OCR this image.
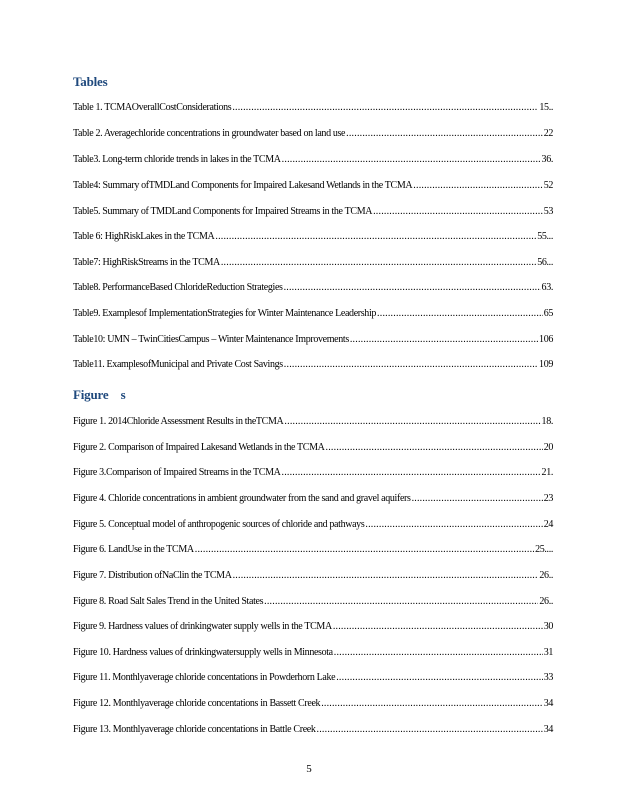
Tables
Table 1. TCMAOverallCostConsiderations .....	15..
Table 2. Averagechloride concentrations in groundwater based on land use .....	22
Table3. Long-term chloride trends in lakes in the TCMA .....	36.
Table4: Summary ofTMDLand Components for Impaired Lakesand Wetlands in the TCMA .....	52
Table5. Summary of TMDLand Components for Impaired Streams in the TCMA .....	53
Table 6: HighRiskLakes in the TCMA .....	55...
Table7: HighRiskStreams in the TCMA .....	56...
Table8. PerformanceBased ChlorideReduction Strategies .....	63.
Table9. Examplesof ImplementationStrategies for Winter Maintenance Leadership .....	65
Table10: UMN – TwinCitiesCampus – Winter Maintenance Improvements .....	106
Table11. ExamplesofMunicipal and Private Cost Savings .....	109
Figure    s
Figure 1. 2014Chloride Assessment Results in theTCMA .....	18.
Figure 2. Comparison of Impaired Lakesand Wetlands in the TCMA .....	20
Figure 3.Comparison of Impaired Streams in the TCMA .....	21.
Figure 4. Chloride concentrations in ambient groundwater from the sand and gravel aquifers .....	23
Figure 5. Conceptual model of anthropogenic sources of chloride and pathways .....	24
Figure 6. LandUse in the TCMA .....	25....
Figure 7. Distribution ofNaClin the TCMA .....	26..
Figure 8. Road Salt Sales Trend in the United States .....	26..
Figure 9. Hardness values of drinkingwater supply wells in the TCMA .....	30
Figure 10. Hardness values of drinkingwatersupply wells in Minnesota .....	31
Figure 11. Monthlyaverage chloride concentations in Powderhorn Lake .....	33
Figure 12. Monthlyaverage chloride concentations in Bassett Creek .....	34
Figure 13. Monthlyaverage chloride concentations in Battle Creek .....	34
5
